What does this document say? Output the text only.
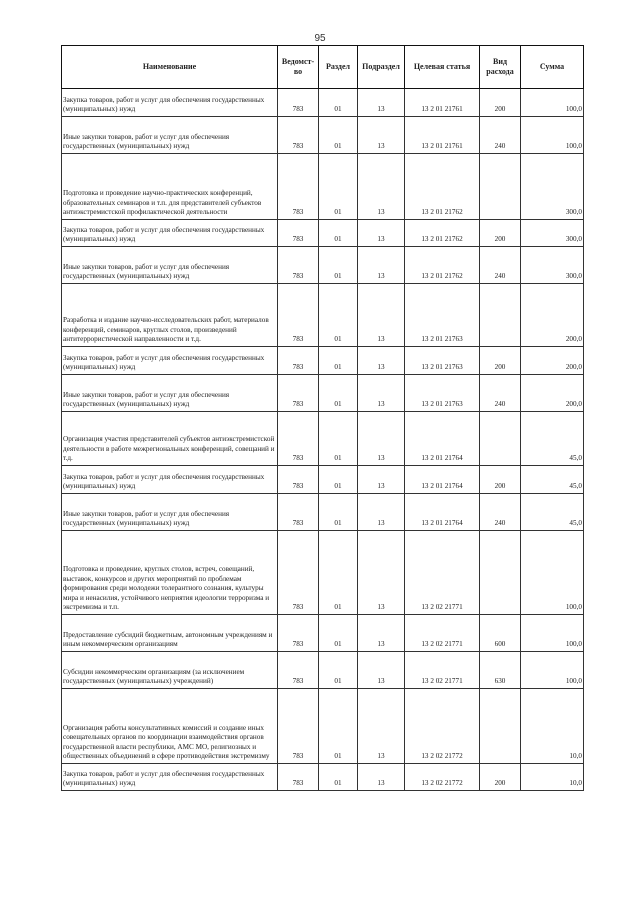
95
Наименование	Ведомст-во	Раздел	Подраздел	Целевая статья	Вид расхода	Сумма
Закупка товаров, работ и услуг для обеспечения государственных (муниципальных) нужд	783	01	13	13 2 01 21761	200	100,0
Иные закупки товаров, работ и услуг для обеспечения государственных (муниципальных) нужд	783	01	13	13 2 01 21761	240	100,0
Подготовка и проведение научно-практических конференций, образовательных семинаров и т.п. для представителей субъектов антиэкстремистской профилактической деятельности	783	01	13	13 2 01 21762		300,0
Закупка товаров, работ и услуг для обеспечения государственных (муниципальных) нужд	783	01	13	13 2 01 21762	200	300,0
Иные закупки товаров, работ и услуг для обеспечения государственных (муниципальных) нужд	783	01	13	13 2 01 21762	240	300,0
Разработка и издание научно-исследовательских работ, материалов конференций, семинаров, круглых столов, произведений антитеррористической направленности и т.д.	783	01	13	13 2 01 21763		200,0
Закупка товаров, работ и услуг для обеспечения государственных (муниципальных) нужд	783	01	13	13 2 01 21763	200	200,0
Иные закупки товаров, работ и услуг для обеспечения государственных (муниципальных) нужд	783	01	13	13 2 01 21763	240	200,0
Организация участия представителей субъектов антиэкстремистской деятельности в работе межрегиональных конференций, совещаний и т.д.	783	01	13	13 2 01 21764		45,0
Закупка товаров, работ и услуг для обеспечения государственных (муниципальных) нужд	783	01	13	13 2 01 21764	200	45,0
Иные закупки товаров, работ и услуг для обеспечения государственных (муниципальных) нужд	783	01	13	13 2 01 21764	240	45,0
Подготовка и проведение, круглых столов, встреч, совещаний, выставок, конкурсов и других мероприятий по проблемам формирования среди молодежи толерантного сознания, культуры мира и ненасилия, устойчивого неприятия идеологии терроризма и экстремизма и т.п.	783	01	13	13 2 02 21771		100,0
Предоставление субсидий бюджетным, автономным учреждениям и иным некоммерческим организациям	783	01	13	13 2 02 21771	600	100,0
Субсидии некоммерческим организациям (за исключением государственных (муниципальных) учреждений)	783	01	13	13 2 02 21771	630	100,0
Организация работы консультативных комиссий и создание иных совещательных органов по координации взаимодействия органов государственной власти республики, АМС МО, религиозных и общественных объединений в сфере противодействия экстремизму	783	01	13	13 2 02 21772		10,0
Закупка товаров, работ и услуг для обеспечения государственных (муниципальных) нужд	783	01	13	13 2 02 21772	200	10,0
